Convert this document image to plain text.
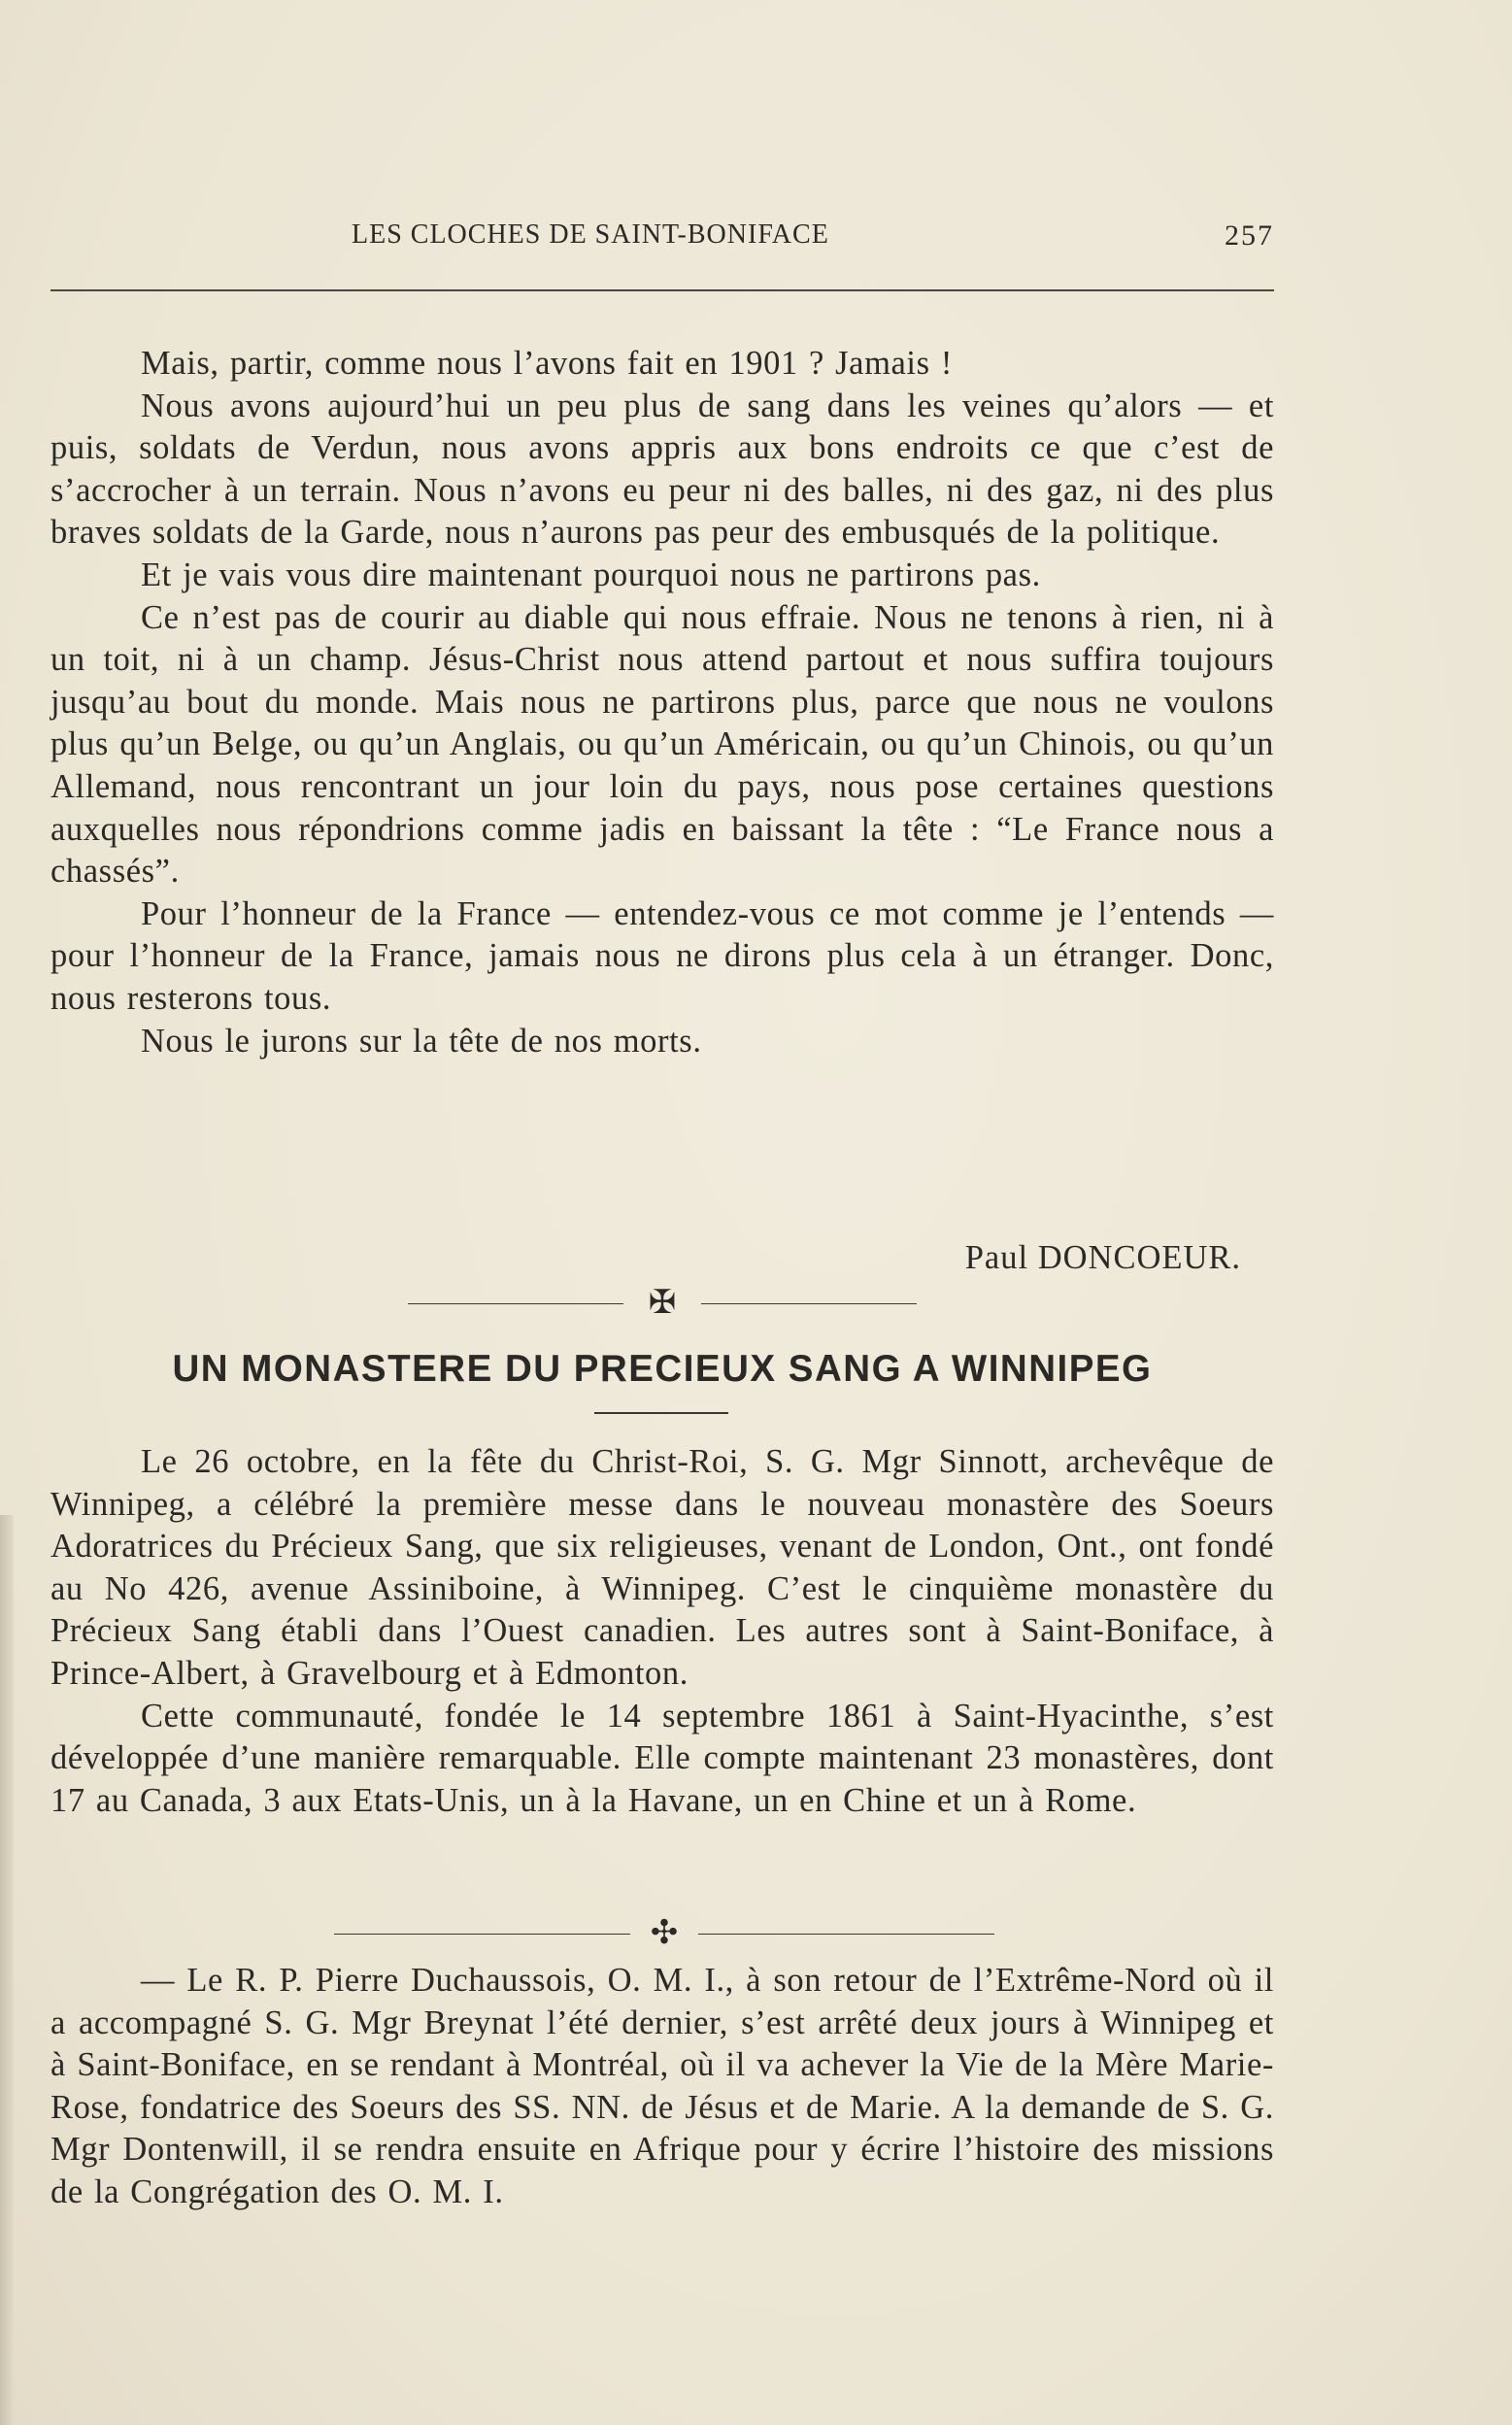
LES CLOCHES DE SAINT-BONIFACE	257

Mais, partir, comme nous l’avons fait en 1901 ? Jamais !

Nous avons aujourd’hui un peu plus de sang dans les veines qu’alors — et puis, soldats de Verdun, nous avons appris aux bons endroits ce que c’est de s’accrocher à un terrain. Nous n’avons eu peur ni des balles, ni des gaz, ni des plus braves soldats de la Garde, nous n’aurons pas peur des embusqués de la politique.

Et je vais vous dire maintenant pourquoi nous ne partirons pas.

Ce n’est pas de courir au diable qui nous effraie. Nous ne tenons à rien, ni à un toit, ni à un champ. Jésus-Christ nous attend partout et nous suffira toujours jusqu’au bout du monde. Mais nous ne partirons plus, parce que nous ne voulons plus qu’un Belge, ou qu’un Anglais, ou qu’un Américain, ou qu’un Chinois, ou qu’un Allemand, nous rencontrant un jour loin du pays, nous pose certaines questions auxquelles nous répondrions comme jadis en baissant la tête : “Le France nous a chassés”.

Pour l’honneur de la France — entendez-vous ce mot comme je l’entends — pour l’honneur de la France, jamais nous ne dirons plus cela à un étranger. Donc, nous resterons tous.

Nous le jurons sur la tête de nos morts.

Paul DONCOEUR.
✠
UN MONASTERE DU PRECIEUX SANG A WINNIPEG

Le 26 octobre, en la fête du Christ-Roi, S. G. Mgr Sinnott, archevêque de Winnipeg, a célébré la première messe dans le nouveau monastère des Soeurs Adoratrices du Précieux Sang, que six religieuses, venant de London, Ont., ont fondé au No 426, avenue Assiniboine, à Winnipeg. C’est le cinquième monastère du Précieux Sang établi dans l’Ouest canadien. Les autres sont à Saint-Boniface, à Prince-Albert, à Gravelbourg et à Edmonton.

Cette communauté, fondée le 14 septembre 1861 à Saint-Hyacinthe, s’est développée d’une manière remarquable. Elle compte maintenant 23 monastères, dont 17 au Canada, 3 aux Etats-Unis, un à la Havane, un en Chine et un à Rome.

✣

— Le R. P. Pierre Duchaussois, O. M. I., à son retour de l’Extrême-Nord où il a accompagné S. G. Mgr Breynat l’été dernier, s’est arrêté deux jours à Winnipeg et à Saint-Boniface, en se rendant à Montréal, où il va achever la Vie de la Mère Marie-Rose, fondatrice des Soeurs des SS. NN. de Jésus et de Marie. A la demande de S. G. Mgr Dontenwill, il se rendra ensuite en Afrique pour y écrire l’histoire des missions de la Congrégation des O. M. I.
